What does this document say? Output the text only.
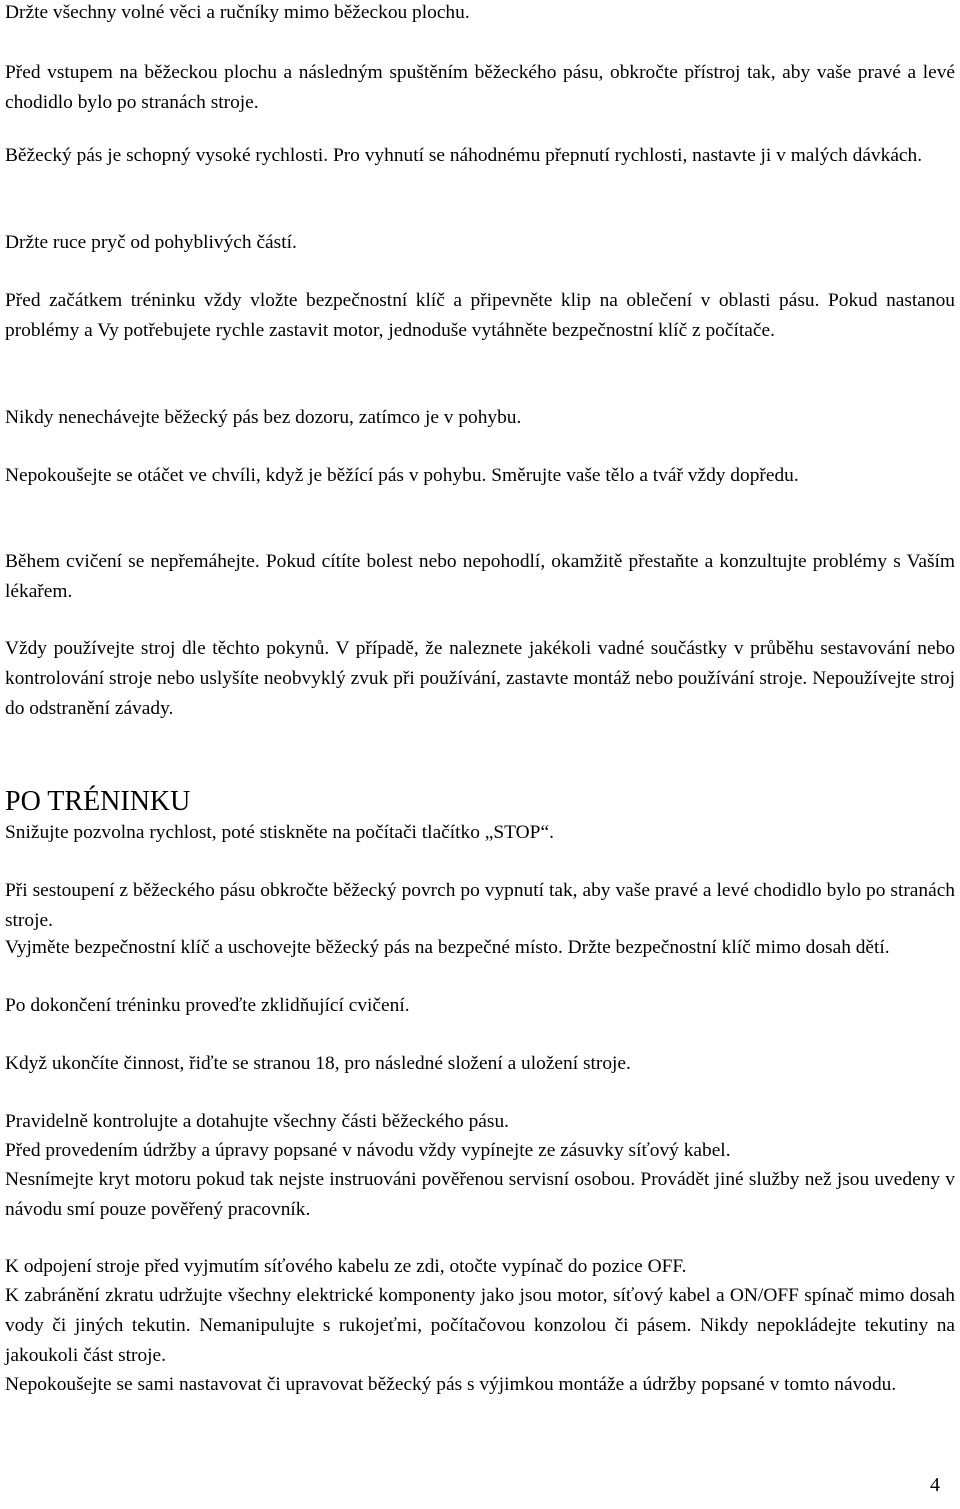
Držte všechny volné věci a ručníky mimo běžeckou plochu.

Před vstupem na běžeckou plochu a následným spuštěním běžeckého pásu, obkročte přístroj tak, aby vaše pravé a levé chodidlo bylo po stranách stroje.

Běžecký pás je schopný vysoké rychlosti. Pro vyhnutí se náhodnému přepnutí rychlosti, nastavte ji v malých dávkách.

Držte ruce pryč od pohyblivých částí.

Před začátkem tréninku vždy vložte bezpečnostní klíč a připevněte klip na oblečení v oblasti pásu. Pokud nastanou problémy a Vy potřebujete rychle zastavit motor, jednoduše vytáhněte bezpečnostní klíč z počítače.

Nikdy nenechávejte běžecký pás bez dozoru, zatímco je v pohybu.

Nepokoušejte se otáčet ve chvíli, když je běžící pás v pohybu. Směrujte vaše tělo a tvář vždy dopředu.

Během cvičení se nepřemáhejte. Pokud cítíte bolest nebo nepohodlí, okamžitě přestaňte a konzultujte problémy s Vaším lékařem.

Vždy používejte stroj dle těchto pokynů. V případě, že naleznete jakékoli vadné součástky v průběhu sestavování nebo kontrolování stroje nebo uslyšíte neobvyklý zvuk při používání, zastavte montáž nebo používání stroje. Nepoužívejte stroj do odstranění závady.

PO TRÉNINKU

Snižujte pozvolna rychlost, poté stiskněte na počítači tlačítko „STOP“.

Při sestoupení z běžeckého pásu obkročte běžecký povrch po vypnutí tak, aby vaše pravé a levé chodidlo bylo po stranách stroje.

Vyjměte bezpečnostní klíč a uschovejte běžecký pás na bezpečné místo. Držte bezpečnostní klíč mimo dosah dětí.

Po dokončení tréninku proveďte zklidňující cvičení.

Když ukončíte činnost, řiďte se stranou 18, pro následné složení a uložení stroje.

Pravidelně kontrolujte a dotahujte všechny části běžeckého pásu.

Před provedením údržby a úpravy popsané v návodu vždy vypínejte ze zásuvky síťový kabel.

Nesnímejte kryt motoru pokud tak nejste instruováni pověřenou servisní osobou. Provádět jiné služby než jsou uvedeny v návodu smí pouze pověřený pracovník.

K odpojení stroje před vyjmutím síťového kabelu ze zdi, otočte vypínač do pozice OFF.

K zabránění zkratu udržujte všechny elektrické komponenty jako jsou motor, síťový kabel a ON/OFF spínač mimo dosah vody či jiných tekutin. Nemanipulujte s rukojeťmi, počítačovou konzolou či pásem. Nikdy nepokládejte tekutiny na jakoukoli část stroje.

Nepokoušejte se sami nastavovat či upravovat běžecký pás s výjimkou montáže a údržby popsané v tomto návodu.

4
